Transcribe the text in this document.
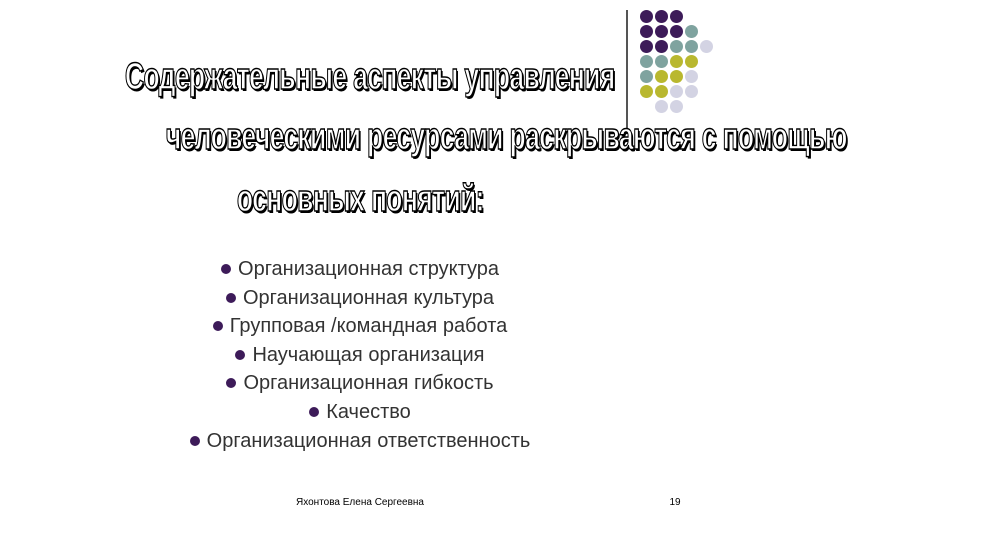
Содержательные аспекты управления
человеческими ресурсами раскрываются с помощью
основных понятий:
Организационная структура
Организационная культура
Групповая /командная работа
Научающая организация
Организационная гибкость
Качество
Организационная ответственность
Яхонтова Елена Сергеевна	19
